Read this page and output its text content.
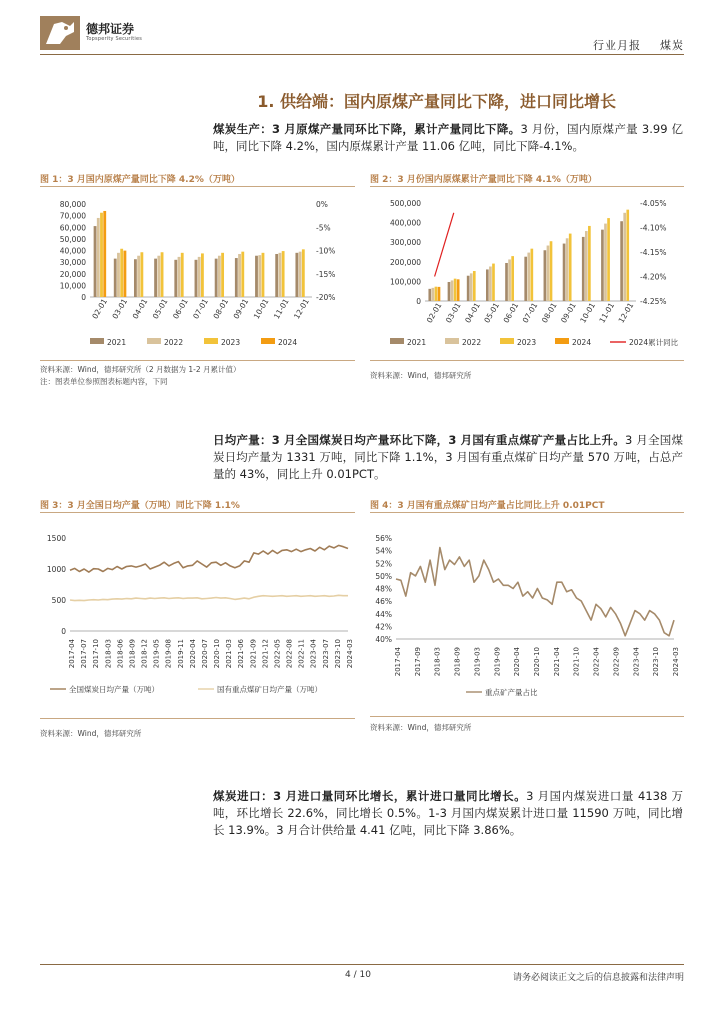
德邦证券
Topsperity Securities	行业月报 煤炭
1. 供给端：国内原煤产量同比下降，进口同比增长
煤炭生产：3 月原煤产量同环比下降，累计产量同比下降。3 月份，国内原煤产量 3.99 亿吨，同比下降 4.2%，国内原煤累计产量 11.06 亿吨，同比下降-4.1%。
图 1：3 月国内原煤产量同比下降 4.2%（万吨）
80,000
70,000
60,000
50,000
40,000
30,000
20,000
10,000
0
0%
-5%
-10%
-15%
-20%
02-01 03-01 04-01 05-01 06-01 07-01 08-01 09-01 10-01 11-01 12-01
2021	2022	2023	2024
资料来源：Wind，德邦研究所（2 月数据为 1-2 月累计值）
注：图表单位参照图表标题内容，下同
图 2：3 月份国内原煤累计产量同比下降 4.1%（万吨）
500,000
400,000
300,000
200,000
100,000
0
-4.05%
-4.10%
-4.15%
-4.20%
-4.25%
02-01 03-01 04-01 05-01 06-01 07-01 08-01 09-01 10-01 11-01 12-01
2021	2022	2023	2024	2024累计同比
资料来源：Wind，德邦研究所
日均产量：3 月全国煤炭日均产量环比下降，3 月国有重点煤矿产量占比上升。3 月全国煤炭日均产量为 1331 万吨，同比下降 1.1%，3 月国有重点煤矿日均产量 570 万吨，占总产量的 43%，同比上升 0.01PCT。
图 3：3 月全国日均产量（万吨）同比下降 1.1%
1500
1000
500
0
2017-04 2017-07 2017-10 2018-03 2018-06 2018-09 2018-12 2019-05 2019-08 2019-11 2020-04 2020-07 2020-10 2021-03 2021-06 2021-09 2021-12 2022-05 2022-08 2022-11 2023-04 2023-07 2023-10 2024-03
全国煤炭日均产量（万吨）	国有重点煤矿日均产量（万吨）
资料来源：Wind，德邦研究所
图 4：3 月国有重点煤矿日均产量占比同比上升 0.01PCT
56%
54%
52%
50%
48%
46%
44%
42%
40%
2017-04 2017-09 2018-03 2018-09 2019-03 2019-09 2020-04 2020-10 2021-04 2021-10 2022-04 2022-09 2023-04 2023-10 2024-03
重点矿产量占比
资料来源：Wind，德邦研究所
煤炭进口：3 月进口量同环比增长，累计进口量同比增长。3 月国内煤炭进口量 4138 万吨，环比增长 22.6%，同比增长 0.5%。1-3 月国内煤炭累计进口量 11590 万吨，同比增长 13.9%。3 月合计供给量 4.41 亿吨，同比下降 3.86%。
4 / 10	请务必阅读正文之后的信息披露和法律声明
